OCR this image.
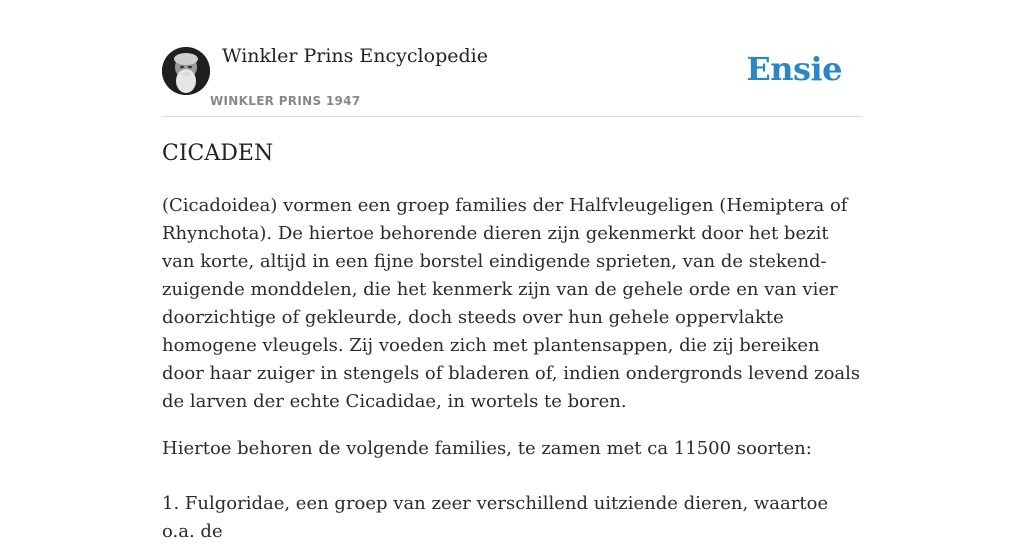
Winkler Prins Encyclopedie
WINKLER PRINS 1947
Ensie
CICADEN

(Cicadoidea) vormen een groep families der Halfvleugeligen (Hemiptera of Rhynchota). De hiertoe behorende dieren zijn gekenmerkt door het bezit van korte, altijd in een fijne borstel eindigende sprieten, van de stekend-zuigende monddelen, die het kenmerk zijn van de gehele orde en van vier doorzichtige of gekleurde, doch steeds over hun gehele oppervlakte homogene vleugels. Zij voeden zich met plantensappen, die zij bereiken door haar zuiger in stengels of bladeren of, indien ondergronds levend zoals de larven der echte Cicadidae, in wortels te boren.

Hiertoe behoren de volgende families, te zamen met ca 11500 soorten:

1. Fulgoridae, een groep van zeer verschillend uitziende dieren, waartoe o.a. de
